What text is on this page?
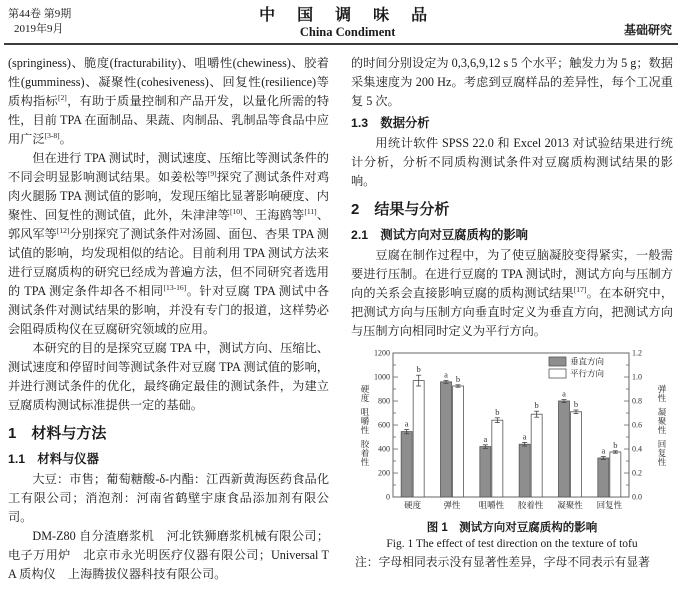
第44卷 第9期
2019年9月
中 国 调 味 品
China Condiment	基础研究

(springiness)、脆度(fracturability)、咀嚼性(chewiness)、胶着性(gumminess)、凝聚性(cohesiveness)、回复性(resilience)等质构指标[2]，有助于质量控制和产品开发，以量化所需的特性，目前 TPA 在面制品、果蔬、肉制品、乳制品等食品中应用广泛[3-8]。

但在进行 TPA 测试时，测试速度、压缩比等测试条件的不同会明显影响测试结果。如姜松等[9]探究了测试条件对鸡肉火腿肠 TPA 测试值的影响，发现压缩比显著影响硬度、内聚性、回复性的测试值，此外，朱津津等[10]、王海鸥等[11]、郭风军等[12]分别探究了测试条件对汤圆、面包、杏果 TPA 测试值的影响，均发现相似的结论。目前利用 TPA 测试方法来进行豆腐质构的研究已经成为普遍方法，但不同研究者选用的 TPA 测定条件却各不相同[13-16]。针对豆腐 TPA 测试中各测试条件对测试结果的影响，并没有专门的报道，这样势必会阻碍质构仪在豆腐研究领域的应用。

本研究的目的是探究豆腐 TPA 中，测试方向、压缩比、测试速度和停留时间等测试条件对豆腐 TPA 测试值的影响，并进行测试条件的优化，最终确定最佳的测试条件，为建立豆腐质构测试标准提供一定的基础。

1　材料与方法
1.1　材料与仪器

大豆：市售；葡萄糖酸-δ-内酯：江西新黄海医药食品化工有限公司；消泡剂：河南省鹤壁宇康食品添加剂有限公司。

DM-Z80 自分渣磨浆机　河北铁狮磨浆机械有限公司；电子万用炉　北京市永光明医疗仪器有限公司；Universal TA 质构仪　上海腾拔仪器科技有限公司。

的时间分别设定为 0,3,6,9,12 s 5 个水平；触发力为 5 g；数据采集速度为 200 Hz。考虑到豆腐样品的差异性，每个工况重复 5 次。

1.3　数据分析

用统计软件 SPSS 22.0 和 Excel 2013 对试验结果进行统计分析，分析不同质构测试条件对豆腐质构测试结果的影响。

2　结果与分析
2.1　测试方向对豆腐质构的影响

豆腐在制作过程中，为了使豆脑凝胶变得紧实，一般需要进行压制。在进行豆腐的 TPA 测试时，测试方向与压制方向的关系会直接影响豆腐的质构测试结果[17]。在本研究中，把测试方向与压制方向垂直时定义为垂直方向，把测试方向与压制方向相同时定义为平行方向。

0
200
400
600
800
1000
1200
0.0
0.2
0.4
0.6
0.8
1.0
1.2
硬度
a
b
弹性
a b
咀嚼性
a
b
胶着性
a
b
凝聚性
a
b
回复性
a
b
垂直方向
平行方向
硬
度
咀
嚼
性
胶
着
性
弹
性
凝
聚
性
回
复
性

图 1　测试方向对豆腐质构的影响

Fig. 1 The effect of test direction on the texture of tofu

注：字母相同表示没有显著性差异，字母不同表示有显著
